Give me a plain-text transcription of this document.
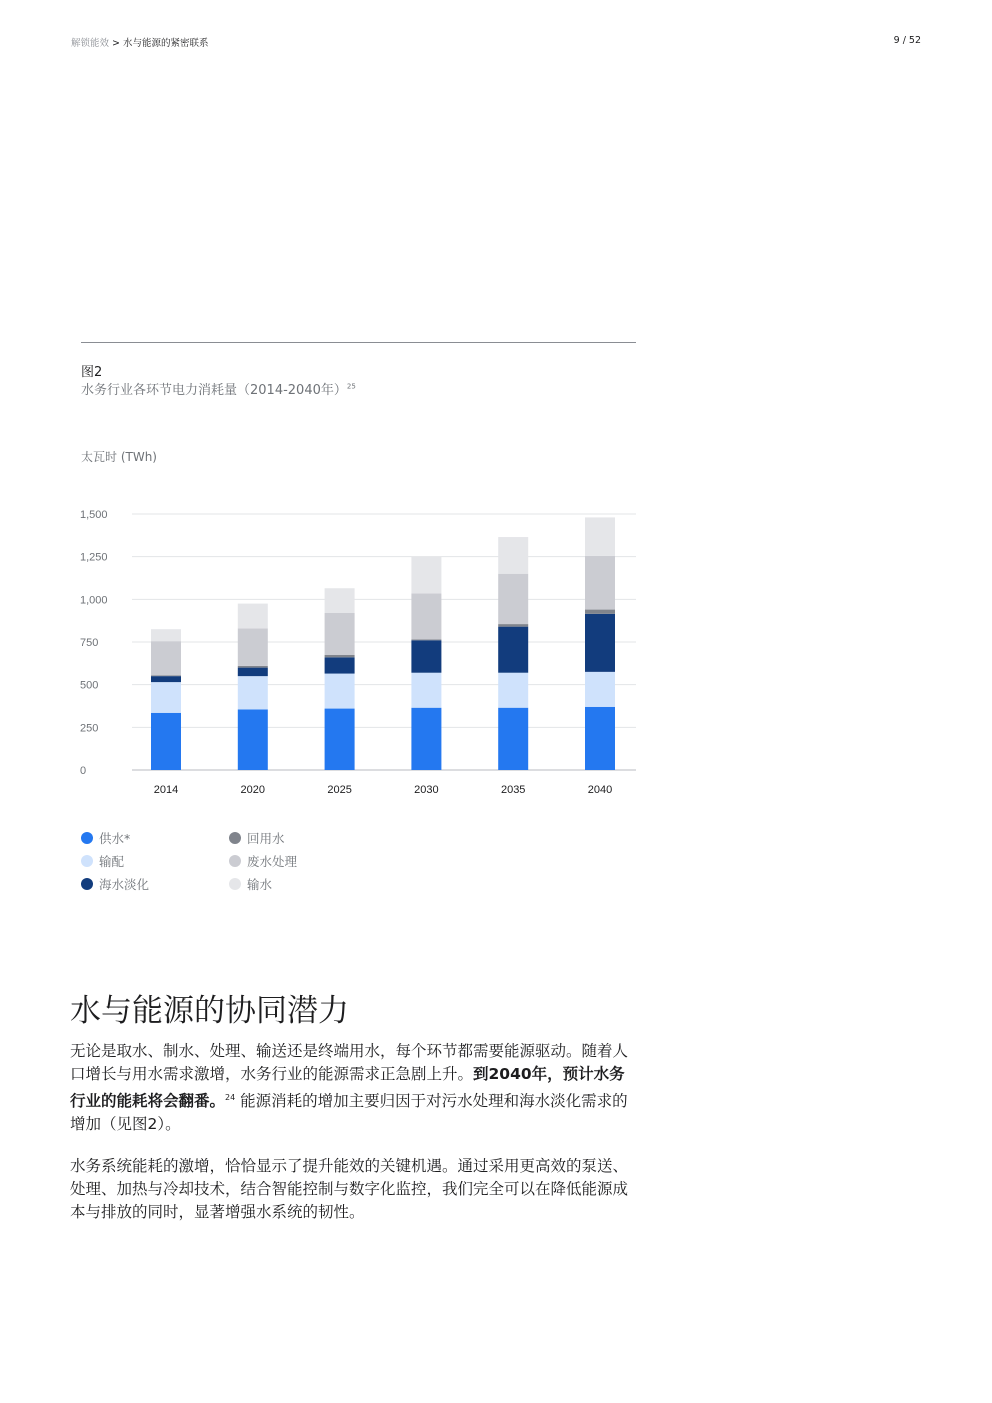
解锁能效 > 水与能源的紧密联系	9 / 52
图2
水务行业各环节电力消耗量（2014-2040年）$^{25}$
太瓦时 (TWh)
0
250
500
750
1,000
1,250
1,500
2014	2020	2025	2030	2035	2040
供水*
输配
海水淡化
回用水
废水处理
输水
水与能源的协同潜力

无论是取水、制水、处理、输送还是终端用水，每个环节都需要能源驱动。随着人口增长与用水需求激增，水务行业的能源需求正急剧上升。到2040年，预计水务行业的能耗将会翻番。$^{24}$ 能源消耗的增加主要归因于对污水处理和海水淡化需求的增加（见图2）。

水务系统能耗的激增，恰恰显示了提升能效的关键机遇。通过采用更高效的泵送、处理、加热与冷却技术，结合智能控制与数字化监控，我们完全可以在降低能源成本与排放的同时，显著增强水系统的韧性。
